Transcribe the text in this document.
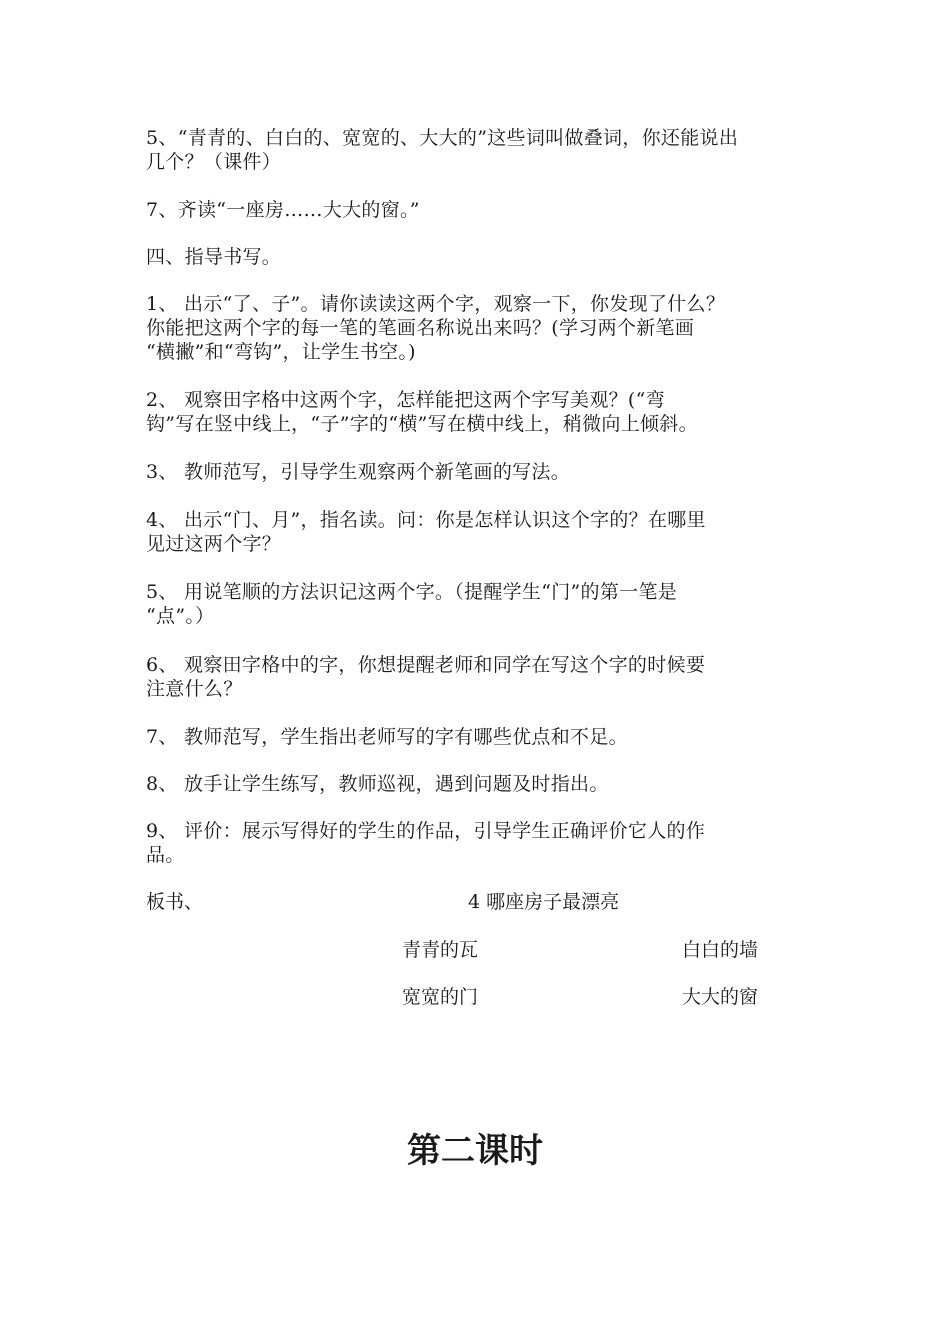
5、“青青的、白白的、宽宽的、大大的”这些词叫做叠词，你还能说出
几个？（课件）

7、齐读“一座房……大大的窗。”

四、指导书写。

1、 出示“了、子”。请你读读这两个字，观察一下，你发现了什么？
你能把这两个字的每一笔的笔画名称说出来吗？(学习两个新笔画
“横撇”和“弯钩”，让学生书空。)

2、 观察田字格中这两个字，怎样能把这两个字写美观？(“弯
钩”写在竖中线上，“子”字的“横”写在横中线上，稍微向上倾斜。

3、 教师范写，引导学生观察两个新笔画的写法。

4、 出示“门、月”，指名读。问：你是怎样认识这个字的？在哪里
见过这两个字？

5、 用说笔顺的方法识记这两个字。（提醒学生“门”的第一笔是
“点”。）

6、 观察田字格中的字，你想提醒老师和同学在写这个字的时候要
注意什么？

7、 教师范写，学生指出老师写的字有哪些优点和不足。

8、 放手让学生练写，教师巡视，遇到问题及时指出。

9、 评价：展示写得好的学生的作品，引导学生正确评价它人的作
品。

板书、	4 哪座房子最漂亮
青青的瓦	白白的墙
宽宽的门	大大的窗
第二课时
